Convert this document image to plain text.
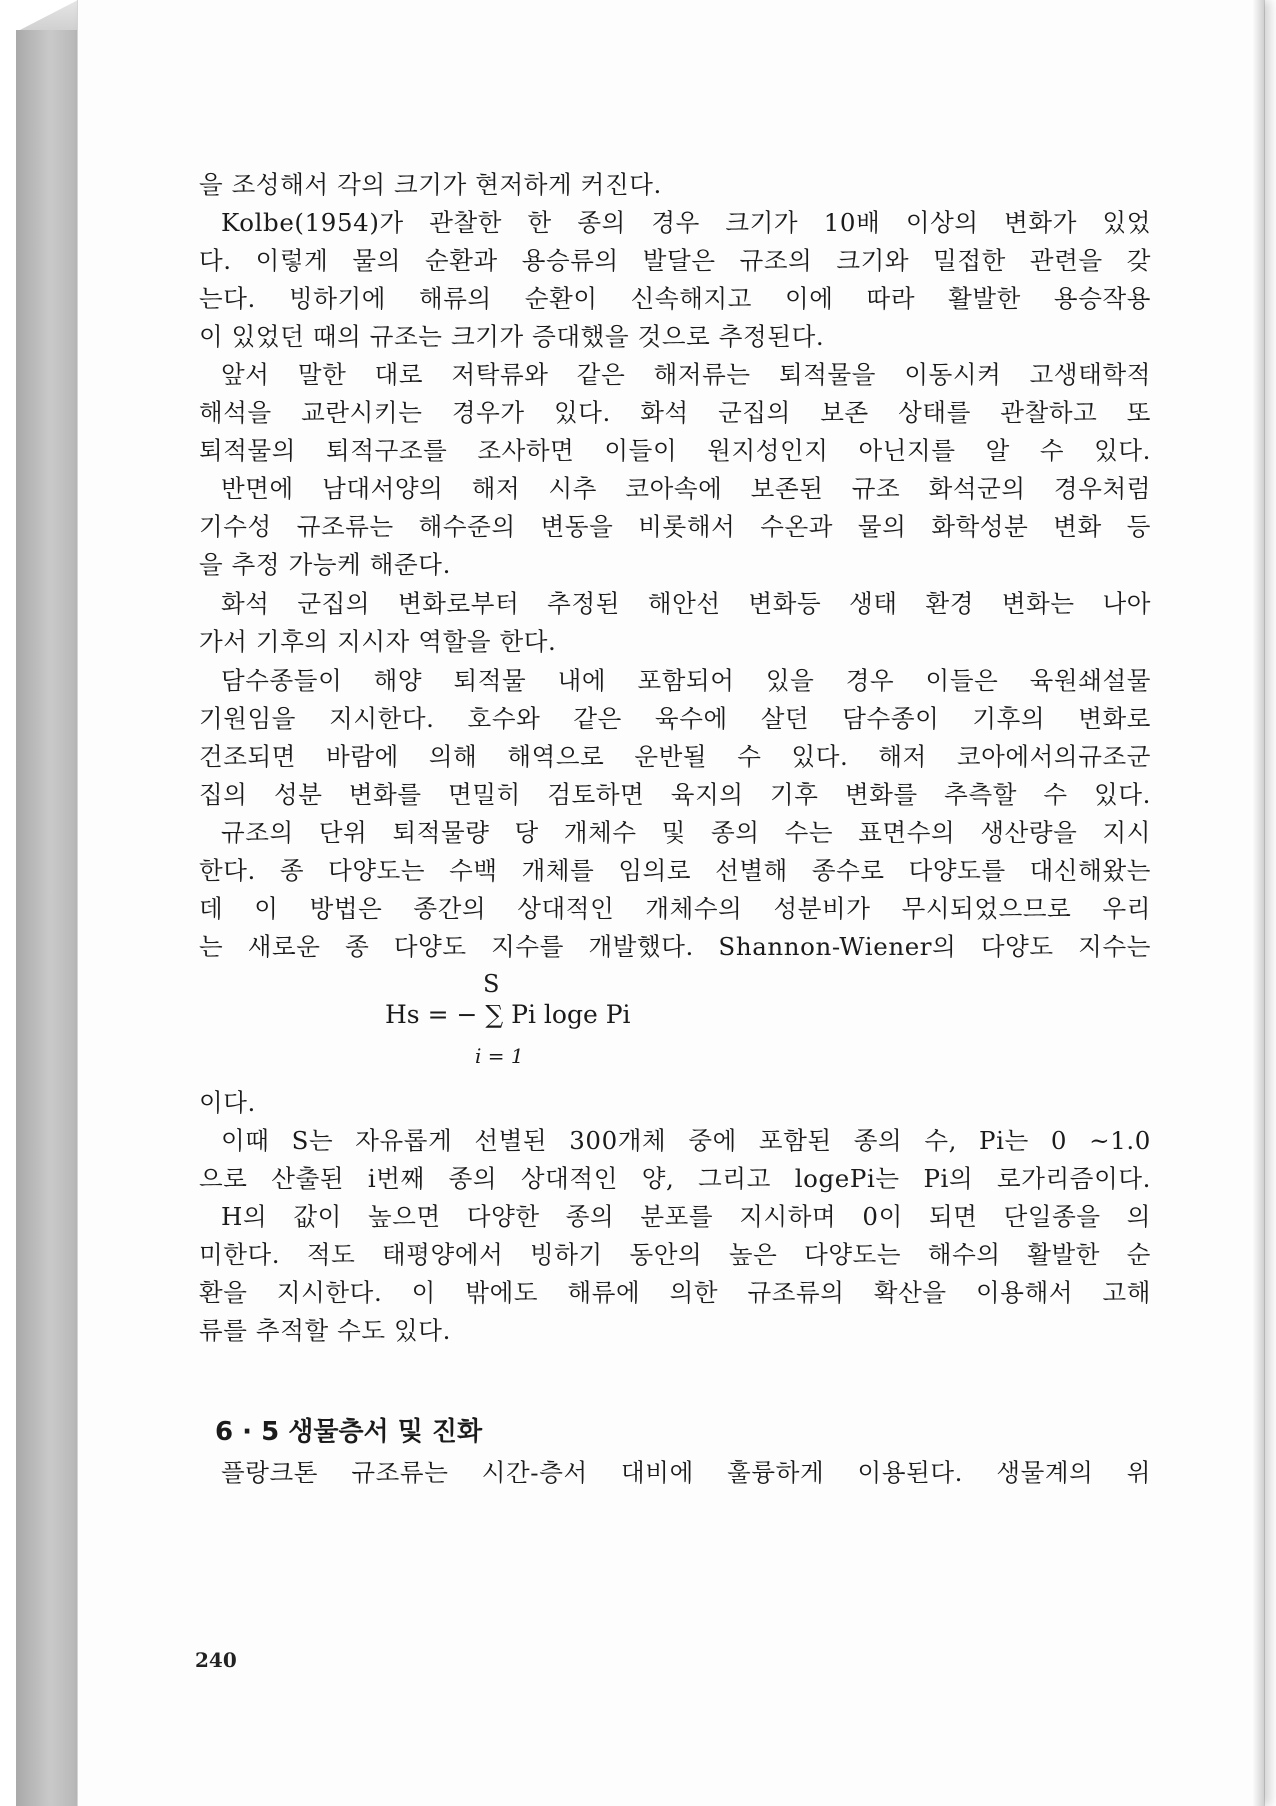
을 조성해서 각의 크기가 현저하게 커진다.
Kolbe(1954)가 관찰한 한 종의 경우 크기가 10배 이상의 변화가 있었
다. 이렇게 물의 순환과 용승류의 발달은 규조의 크기와 밀접한 관련을 갖
는다. 빙하기에 해류의 순환이 신속해지고 이에 따라 활발한 용승작용
이 있었던 때의 규조는 크기가 증대했을 것으로 추정된다.
앞서 말한 대로 저탁류와 같은 해저류는 퇴적물을 이동시켜 고생태학적
해석을 교란시키는 경우가 있다. 화석 군집의 보존 상태를 관찰하고 또
퇴적물의 퇴적구조를 조사하면 이들이 원지성인지 아닌지를 알 수 있다.
반면에 남대서양의 해저 시추 코아속에 보존된 규조 화석군의 경우처럼
기수성 규조류는 해수준의 변동을 비롯해서 수온과 물의 화학성분 변화 등
을 추정 가능케 해준다.
화석 군집의 변화로부터 추정된 해안선 변화등 생태 환경 변화는 나아
가서 기후의 지시자 역할을 한다.
담수종들이 해양 퇴적물 내에 포함되어 있을 경우 이들은 육원쇄설물
기원임을 지시한다. 호수와 같은 육수에 살던 담수종이 기후의 변화로
건조되면 바람에 의해 해역으로 운반될 수 있다. 해저 코아에서의규조군
집의 성분 변화를 면밀히 검토하면 육지의 기후 변화를 추측할 수 있다.
규조의 단위 퇴적물량 당 개체수 및 종의 수는 표면수의 생산량을 지시
한다. 종 다양도는 수백 개체를 임의로 선별해 종수로 다양도를 대신해왔는
데 이 방법은 종간의 상대적인 개체수의 성분비가 무시되었으므로 우리
는 새로운 종 다양도 지수를 개발했다. Shannon-Wiener의 다양도 지수는
S
Hs = − ∑ Pi loge Pi
i = 1
이다.
이때 S는 자유롭게 선별된 300개체 중에 포함된 종의 수, Pi는 0 ~1.0
으로 산출된 i번째 종의 상대적인 양, 그리고 logePi는 Pi의 로가리즘이다.
H의 값이 높으면 다양한 종의 분포를 지시하며 0이 되면 단일종을 의
미한다. 적도 태평양에서 빙하기 동안의 높은 다양도는 해수의 활발한 순
환을 지시한다. 이 밖에도 해류에 의한 규조류의 확산을 이용해서 고해
류를 추적할 수도 있다.
6 · 5 생물층서 및 진화
플랑크톤 규조류는 시간-층서 대비에 훌륭하게 이용된다. 생물계의 위
240
